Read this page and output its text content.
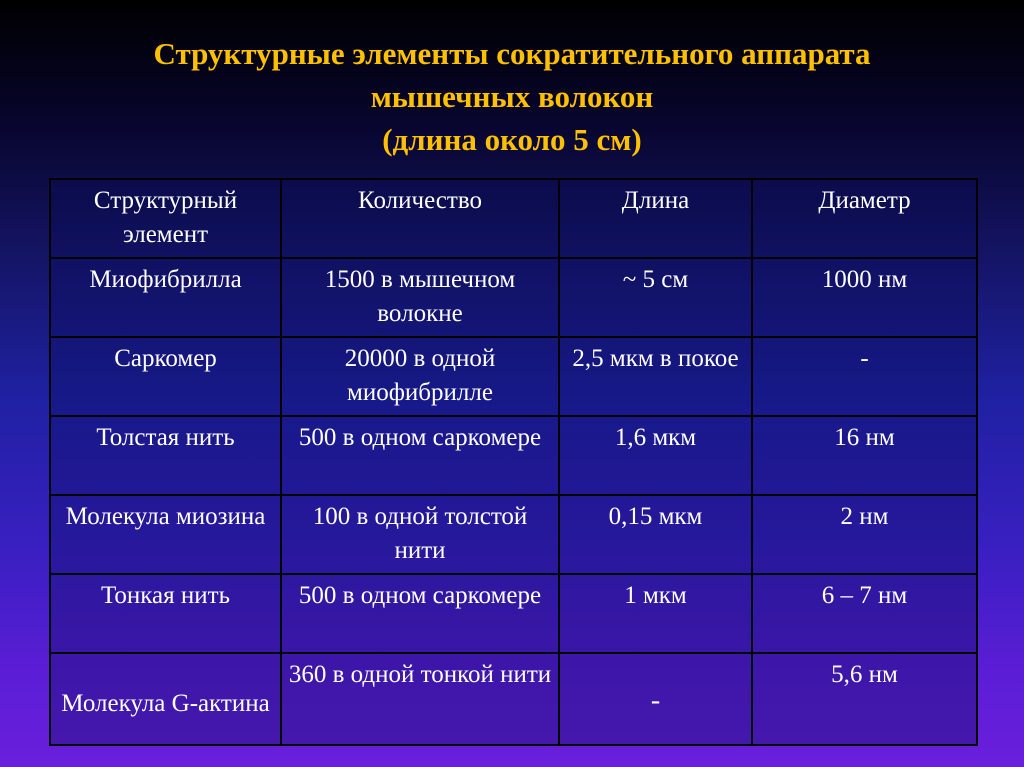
Структурные элементы сократительного аппарата
мышечных волокон
(длина около 5 см)
Структурный элемент	Количество	Длина	Диаметр
Миофибрилла	1500 в мышечном волокне	~ 5 см	1000 нм
Саркомер	20000 в одной миофибрилле	2,5 мкм в покое	-
Толстая нить	500 в одном саркомере	1,6 мкм	16 нм
Молекула миозина	100 в одной толстой нити	0,15 мкм	2 нм
Тонкая нить	500 в одном саркомере	1 мкм	6 – 7 нм
Молекула G-актина	360 в одной тонкой нити	-	5,6 нм
